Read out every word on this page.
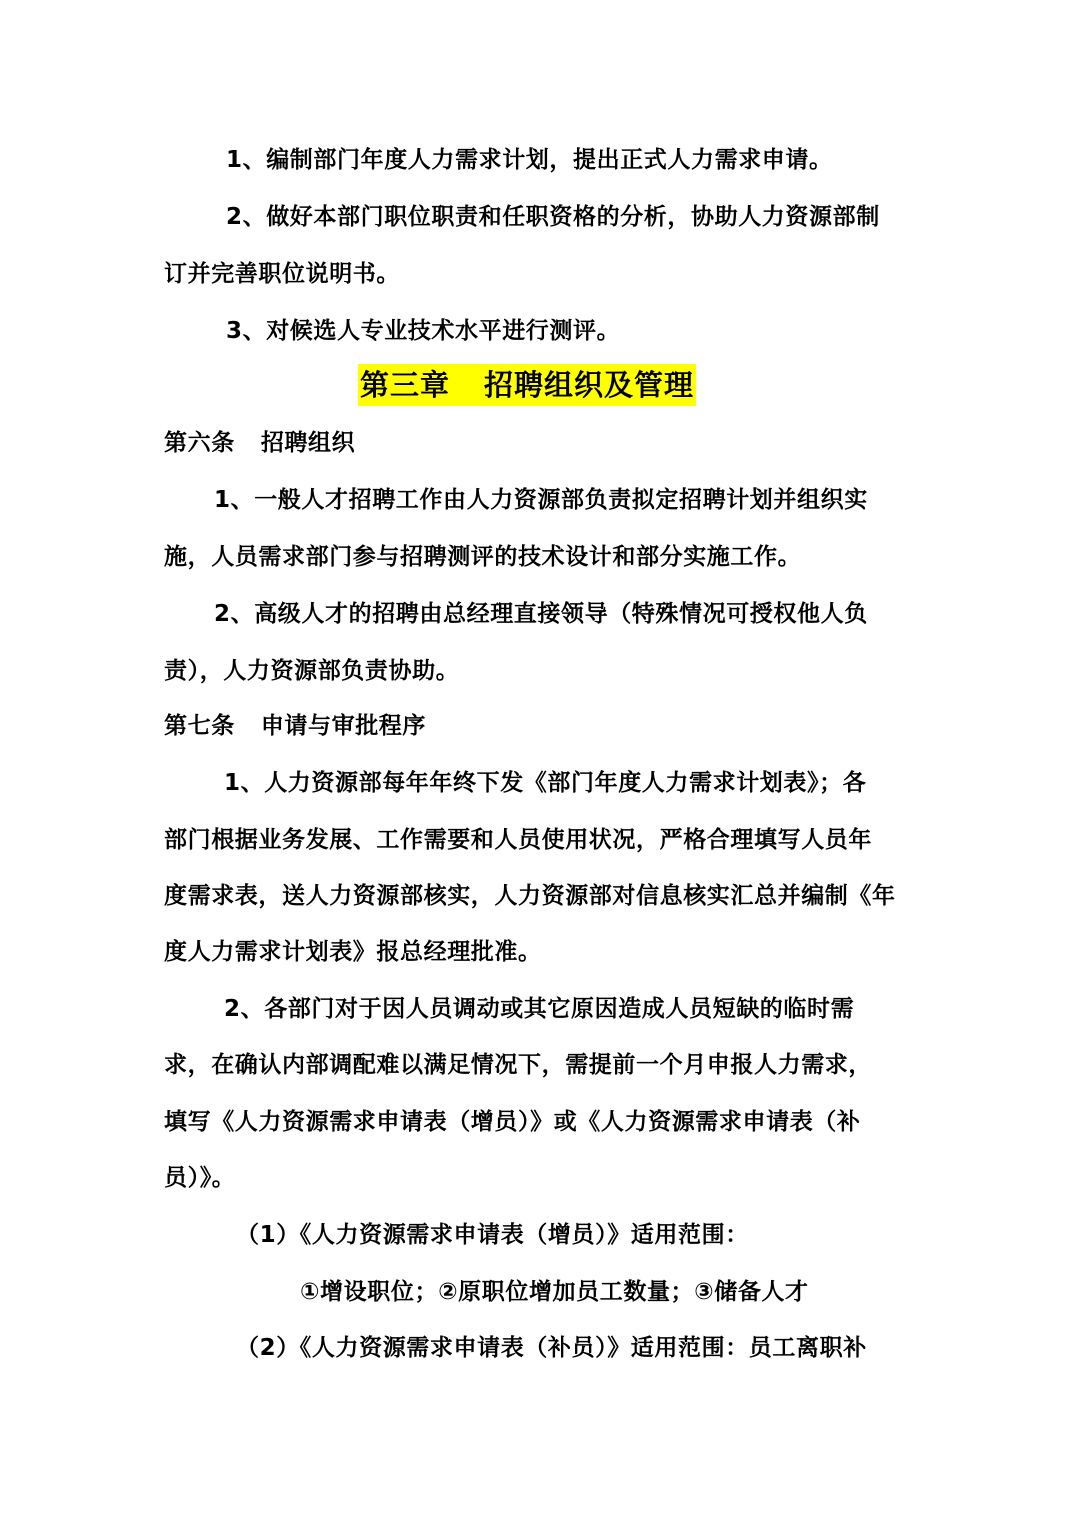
1、编制部门年度人力需求计划，提出正式人力需求申请。
2、做好本部门职位职责和任职资格的分析，协助人力资源部制
订并完善职位说明书。
3、对候选人专业技术水平进行测评。
第三章 招聘组织及管理
第六条 招聘组织
1、一般人才招聘工作由人力资源部负责拟定招聘计划并组织实
施，人员需求部门参与招聘测评的技术设计和部分实施工作。
2、高级人才的招聘由总经理直接领导（特殊情况可授权他人负
责），人力资源部负责协助。
第七条 申请与审批程序
1、人力资源部每年年终下发《部门年度人力需求计划表》；各
部门根据业务发展、工作需要和人员使用状况，严格合理填写人员年
度需求表，送人力资源部核实，人力资源部对信息核实汇总并编制《年
度人力需求计划表》报总经理批准。
2、各部门对于因人员调动或其它原因造成人员短缺的临时需
求，在确认内部调配难以满足情况下，需提前一个月申报人力需求，
填写《人力资源需求申请表（增员）》或《人力资源需求申请表（补
员）》。
（1）《人力资源需求申请表（增员）》适用范围：
①增设职位；②原职位增加员工数量；③储备人才
（2）《人力资源需求申请表（补员）》适用范围：员工离职补
